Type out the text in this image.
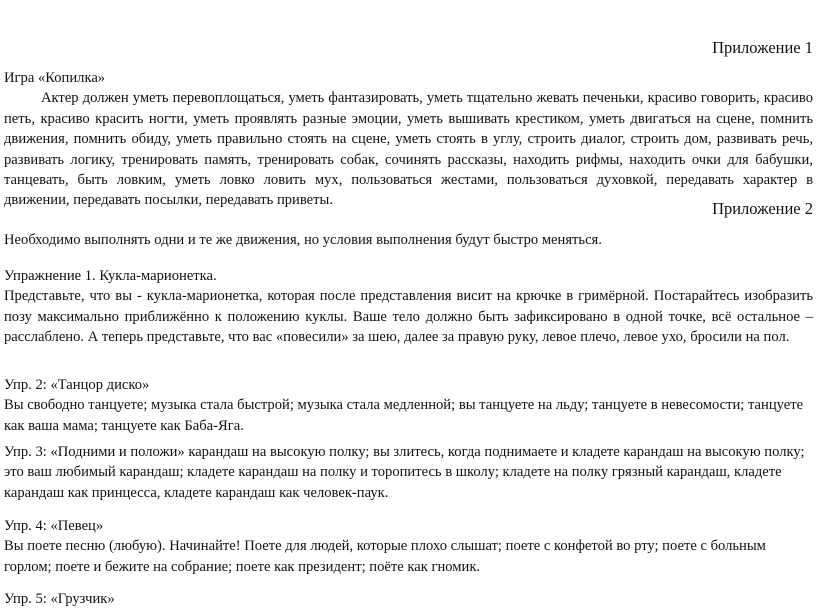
Приложение 1

Игра «Копилка»

Актер должен уметь перевоплощаться, уметь фантазировать, уметь тщательно жевать печеньки, красиво говорить, красиво петь, красиво красить ногти, уметь проявлять разные эмоции, уметь вышивать крестиком, уметь двигаться на сцене, помнить движения, помнить обиду, уметь правильно стоять на сцене, уметь стоять в углу, строить диалог, строить дом, развивать речь, развивать логику, тренировать память, тренировать собак, сочинять рассказы, находить рифмы, находить очки для бабушки, танцевать, быть ловким, уметь ловко ловить мух, пользоваться жестами, пользоваться духовкой, передавать характер в движении, передавать посылки, передавать приветы.	Приложение 2

Необходимо выполнять одни и те же движения, но условия выполнения будут быстро меняться.

Упражнение 1. Кукла-марионетка.

Представьте, что вы - кукла-марионетка, которая после представления висит на крючке в гримёрной. Постарайтесь изобразить позу максимально приближённо к положению куклы. Ваше тело должно быть зафиксировано в одной точке, всё остальное – расслаблено. А теперь представьте, что вас «повесили» за шею, далее за правую руку, левое плечо, левое ухо, бросили на пол.

Упр. 2: «Танцор диско»

Вы свободно танцуете; музыка стала быстрой; музыка стала медленной; вы танцуете на льду; танцуете в невесомости; танцуете как ваша мама; танцуете как Баба-Яга.

Упр. 3: «Подними и положи» карандаш на высокую полку; вы злитесь, когда поднимаете и кладете карандаш на высокую полку; это ваш любимый карандаш; кладете карандаш на полку и торопитесь в школу; кладете на полку грязный карандаш, кладете карандаш как принцесса, кладете карандаш как человек-паук.

Упр. 4: «Певец»

Вы поете песню (любую). Начинайте! Поете для людей, которые плохо слышат; поете с конфетой во рту; поете с больным горлом; поете и бежите на собрание; поете как президент; поёте как гномик.

Упр. 5: «Грузчик»
